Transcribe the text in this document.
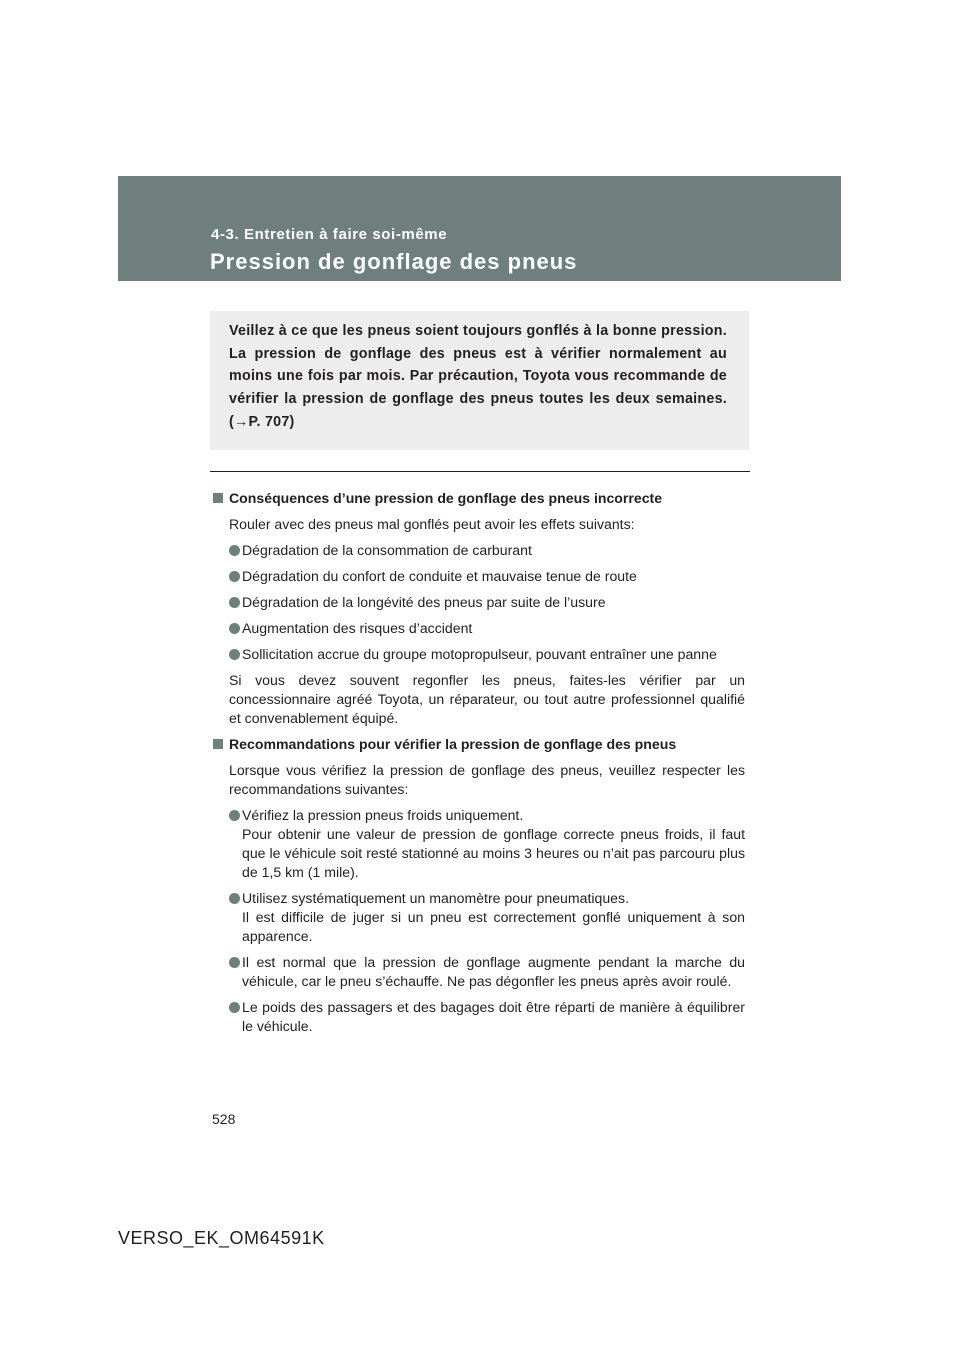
4-3. Entretien à faire soi-même

Pression de gonflage des pneus

Veillez à ce que les pneus soient toujours gonflés à la bonne pression. La pression de gonflage des pneus est à vérifier normalement au moins une fois par mois. Par précaution, Toyota vous recommande de vérifier la pression de gonflage des pneus toutes les deux semaines. (→P. 707)

Conséquences d’une pression de gonflage des pneus incorrecte

Rouler avec des pneus mal gonflés peut avoir les effets suivants:

Dégradation de la consommation de carburant
Dégradation du confort de conduite et mauvaise tenue de route
Dégradation de la longévité des pneus par suite de l’usure
Augmentation des risques d’accident
Sollicitation accrue du groupe motopropulseur, pouvant entraîner une panne

Si vous devez souvent regonfler les pneus, faites-les vérifier par un concessionnaire agréé Toyota, un réparateur, ou tout autre professionnel qualifié et convenablement équipé.

Recommandations pour vérifier la pression de gonflage des pneus

Lorsque vous vérifiez la pression de gonflage des pneus, veuillez respecter les recommandations suivantes:

Vérifiez la pression pneus froids uniquement.
Pour obtenir une valeur de pression de gonflage correcte pneus froids, il faut que le véhicule soit resté stationné au moins 3 heures ou n’ait pas parcouru plus de 1,5 km (1 mile).
Utilisez systématiquement un manomètre pour pneumatiques.
Il est difficile de juger si un pneu est correctement gonflé uniquement à son apparence.
Il est normal que la pression de gonflage augmente pendant la marche du véhicule, car le pneu s’échauffe. Ne pas dégonfler les pneus après avoir roulé.
Le poids des passagers et des bagages doit être réparti de manière à équilibrer le véhicule.

528

VERSO_EK_OM64591K
